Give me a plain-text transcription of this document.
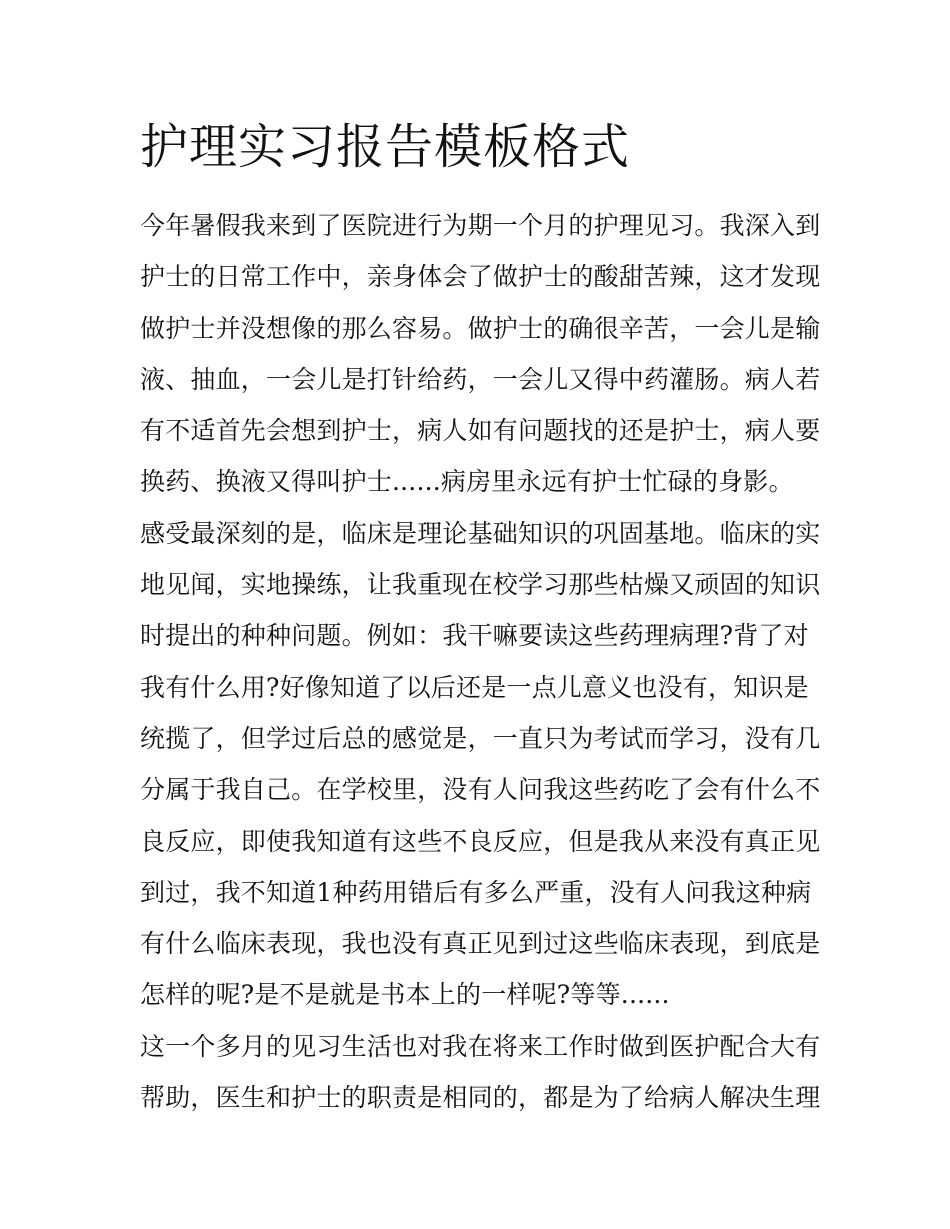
护理实习报告模板格式

今年暑假我来到了医院进行为期一个月的护理见习。我深入到
护士的日常工作中，亲身体会了做护士的酸甜苦辣，这才发现
做护士并没想像的那么容易。做护士的确很辛苦，一会儿是输
液、抽血，一会儿是打针给药，一会儿又得中药灌肠。病人若
有不适首先会想到护士，病人如有问题找的还是护士，病人要
换药、换液又得叫护士......病房里永远有护士忙碌的身影。

感受最深刻的是，临床是理论基础知识的巩固基地。临床的实
地见闻，实地操练，让我重现在校学习那些枯燥又顽固的知识
时提出的种种问题。例如：我干嘛要读这些药理病理?背了对
我有什么用?好像知道了以后还是一点儿意义也没有，知识是
统揽了，但学过后总的感觉是，一直只为考试而学习，没有几
分属于我自己。在学校里，没有人问我这些药吃了会有什么不
良反应，即使我知道有这些不良反应，但是我从来没有真正见
到过，我不知道1种药用错后有多么严重，没有人问我这种病
有什么临床表现，我也没有真正见到过这些临床表现，到底是
怎样的呢?是不是就是书本上的一样呢?等等......

这一个多月的见习生活也对我在将来工作时做到医护配合大有
帮助，医生和护士的职责是相同的，都是为了给病人解决生理
